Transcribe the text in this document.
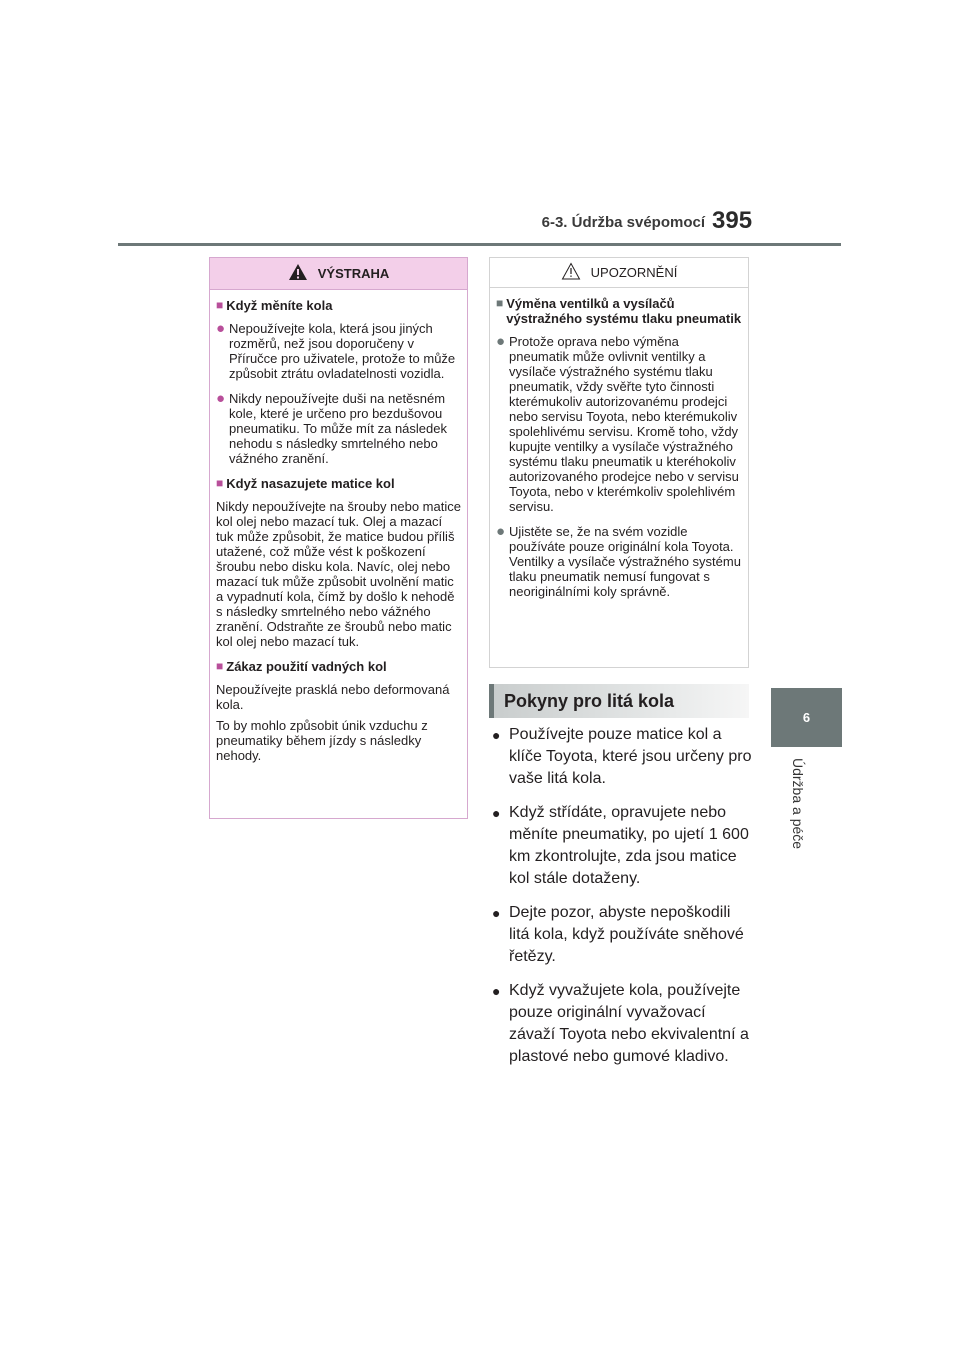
6-3. Údržba svépomocí 395
6
Údržba a péče
VÝSTRAHA
■ Když měníte kola
● Nepoužívejte kola, která jsou jiných rozměrů, než jsou doporučeny v Příručce pro uživatele, protože to může způsobit ztrátu ovladatelnosti vozidla.
● Nikdy nepoužívejte duši na netěsném kole, které je určeno pro bezdušovou pneumatiku. To může mít za následek nehodu s následky smrtelného nebo vážného zranění.
■ Když nasazujete matice kol
Nikdy nepoužívejte na šrouby nebo matice kol olej nebo mazací tuk. Olej a mazací tuk může způsobit, že matice budou příliš utažené, což může vést k poškození šroubu nebo disku kola. Navíc, olej nebo mazací tuk může způsobit uvolnění matic a vypadnutí kola, čímž by došlo k nehodě s následky smrtelného nebo vážného zranění. Odstraňte ze šroubů nebo matic kol olej nebo mazací tuk.
■ Zákaz použití vadných kol
Nepoužívejte prasklá nebo deformovaná kola.
To by mohlo způsobit únik vzduchu z pneumatiky během jízdy s následky nehody.
UPOZORNĚNÍ
■ Výměna ventilků a vysílačů výstražného systému tlaku pneumatik
● Protože oprava nebo výměna pneumatik může ovlivnit ventilky a vysílače výstražného systému tlaku pneumatik, vždy svěřte tyto činnosti kterémukoliv autorizovanému prodejci nebo servisu Toyota, nebo kterémukoliv spolehlivému servisu. Kromě toho, vždy kupujte ventilky a vysílače výstražného systému tlaku pneumatik u kteréhokoliv autorizovaného prodejce nebo v servisu Toyota, nebo v kterémkoliv spolehlivém servisu.
● Ujistěte se, že na svém vozidle používáte pouze originální kola Toyota. Ventilky a vysílače výstražného systému tlaku pneumatik nemusí fungovat s neoriginálními koly správně.
Pokyny pro litá kola
● Používejte pouze matice kol a klíče Toyota, které jsou určeny pro vaše litá kola.
● Když střídáte, opravujete nebo měníte pneumatiky, po ujetí 1 600 km zkontrolujte, zda jsou matice kol stále dotaženy.
● Dejte pozor, abyste nepoškodili litá kola, když používáte sněhové řetězy.
● Když vyvažujete kola, používejte pouze originální vyvažovací závaží Toyota nebo ekvivalentní a plastové nebo gumové kladivo.
